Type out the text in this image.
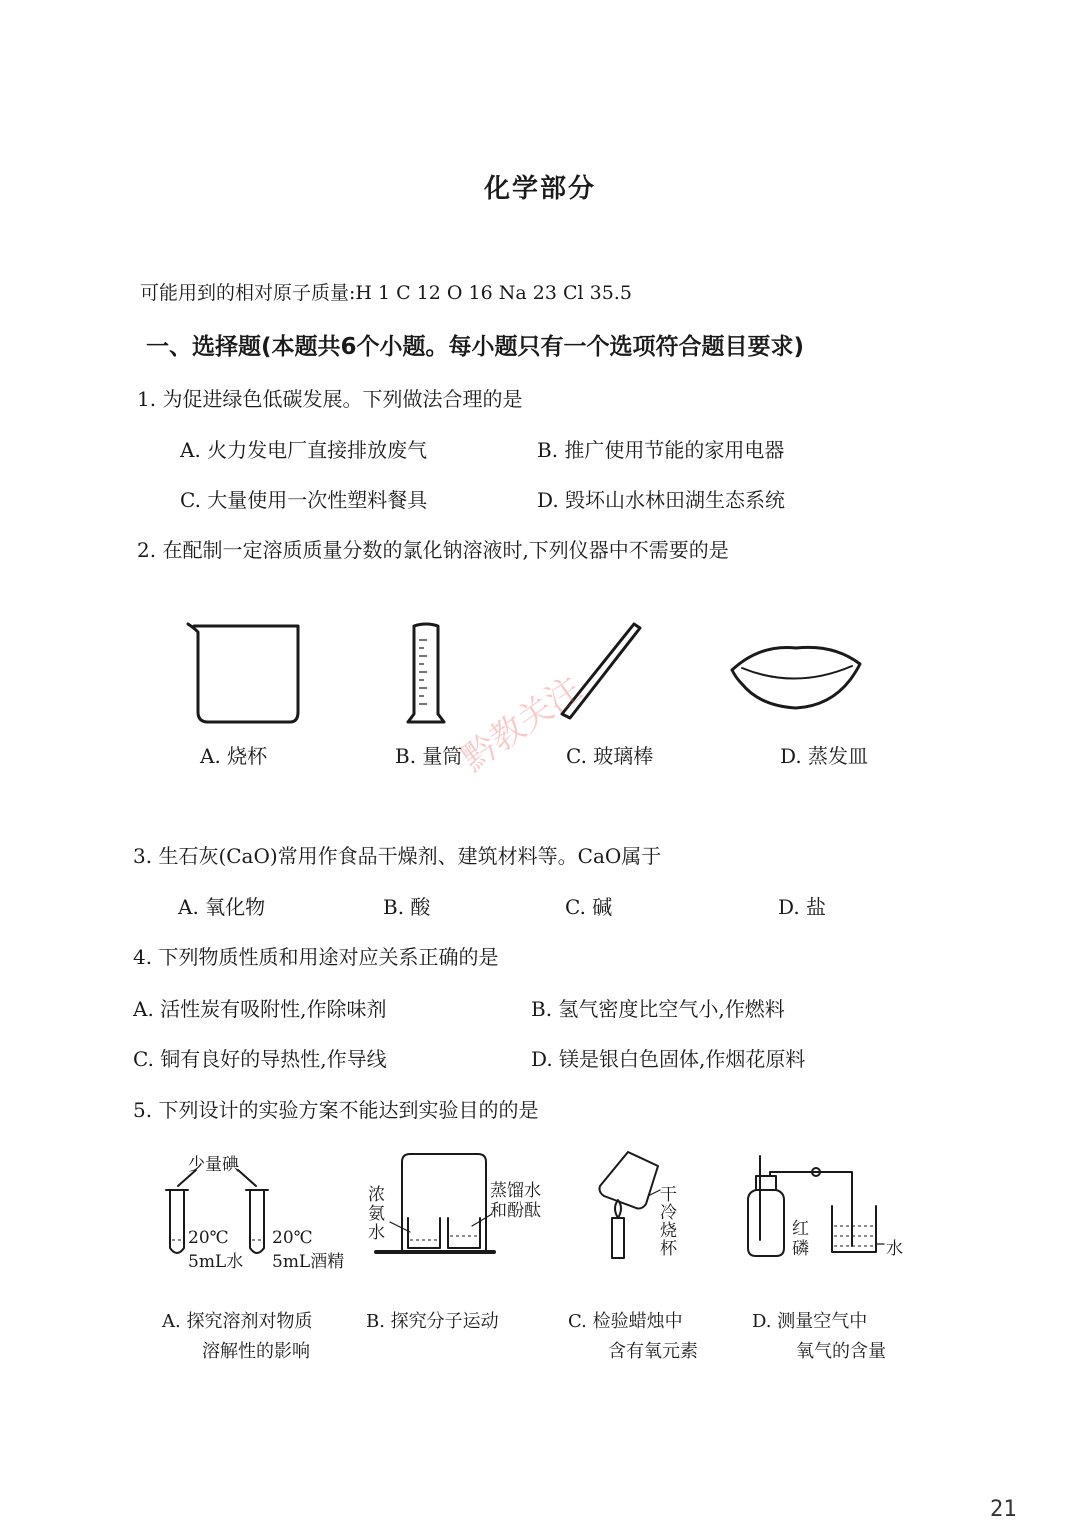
化学部分
可能用到的相对原子质量:H 1 C 12 O 16 Na 23 Cl 35.5
一、选择题(本题共6个小题。每小题只有一个选项符合题目要求)
1. 为促进绿色低碳发展。下列做法合理的是
A. 火力发电厂直接排放废气	B. 推广使用节能的家用电器
C. 大量使用一次性塑料餐具	D. 毁坏山水林田湖生态系统
2. 在配制一定溶质质量分数的氯化钠溶液时,下列仪器中不需要的是
A. 烧杯	B. 量筒	C. 玻璃棒	D. 蒸发皿
黔教关注
3. 生石灰(CaO)常用作食品干燥剂、建筑材料等。CaO属于
A. 氧化物	B. 酸	C. 碱	D. 盐
4. 下列物质性质和用途对应关系正确的是
A. 活性炭有吸附性,作除味剂	B. 氢气密度比空气小,作燃料
C. 铜有良好的导热性,作导线	D. 镁是银白色固体,作烟花原料
5. 下列设计的实验方案不能达到实验目的的是
少量碘
20℃
5mL水
20℃
5mL酒精
浓
氨
水
蒸馏水
和酚酞
干
冷
烧
杯
红
磷	水
A. 探究溶剂对物质
溶解性的影响
B. 探究分子运动	C. 检验蜡烛中
含有氧元素
D. 测量空气中
氧气的含量
21
